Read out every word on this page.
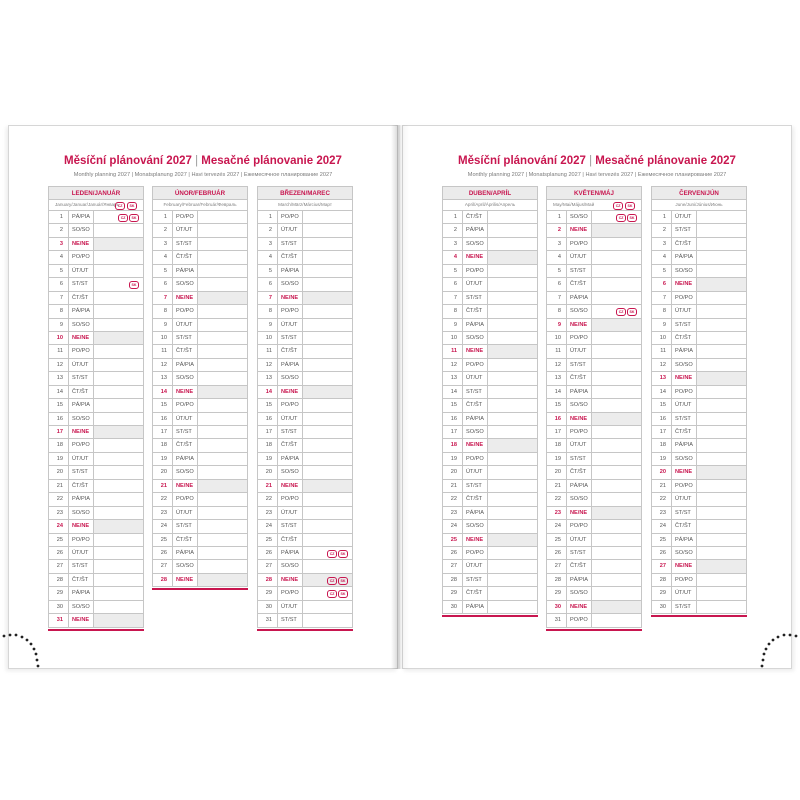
Měsíční plánování 2027 | Mesačné plánovanie 2027
Monthly planning 2027 | Monatsplanung 2027 | Havi tervezés 2027 | Ежемесячное планирование 2027
LEDEN/JANUÁR
January/Januar/Január/Январь
CZ	SK
1	PÁ/PIA	CZ	SK
2	SO/SO
3	NE/NE
4	PO/PO
5	ÚT/UT
6	ST/ST	SK
7	ČT/ŠT
8	PÁ/PIA
9	SO/SO
10	NE/NE
11	PO/PO
12	ÚT/UT
13	ST/ST
14	ČT/ŠT
15	PÁ/PIA
16	SO/SO
17	NE/NE
18	PO/PO
19	ÚT/UT
20	ST/ST
21	ČT/ŠT
22	PÁ/PIA
23	SO/SO
24	NE/NE
25	PO/PO
26	ÚT/UT
27	ST/ST
28	ČT/ŠT
29	PÁ/PIA
30	SO/SO
31	NE/NE
ÚNOR/FEBRUÁR
February/Februar/Február/Февраль
1	PO/PO
2	ÚT/UT
3	ST/ST
4	ČT/ŠT
5	PÁ/PIA
6	SO/SO
7	NE/NE
8	PO/PO
9	ÚT/UT
10	ST/ST
11	ČT/ŠT
12	PÁ/PIA
13	SO/SO
14	NE/NE
15	PO/PO
16	ÚT/UT
17	ST/ST
18	ČT/ŠT
19	PÁ/PIA
20	SO/SO
21	NE/NE
22	PO/PO
23	ÚT/UT
24	ST/ST
25	ČT/ŠT
26	PÁ/PIA
27	SO/SO
28	NE/NE
BŘEZEN/MAREC
March/März/Március/Март
1	PO/PO
2	ÚT/UT
3	ST/ST
4	ČT/ŠT
5	PÁ/PIA
6	SO/SO
7	NE/NE
8	PO/PO
9	ÚT/UT
10	ST/ST
11	ČT/ŠT
12	PÁ/PIA
13	SO/SO
14	NE/NE
15	PO/PO
16	ÚT/UT
17	ST/ST
18	ČT/ŠT
19	PÁ/PIA
20	SO/SO
21	NE/NE
22	PO/PO
23	ÚT/UT
24	ST/ST
25	ČT/ŠT
26	PÁ/PIA	CZ	SK
27	SO/SO
28	NE/NE	CZ	SK
29	PO/PO	CZ	SK
30	ÚT/UT
31	ST/ST
Měsíční plánování 2027 | Mesačné plánovanie 2027
Monthly planning 2027 | Monatsplanung 2027 | Havi tervezés 2027 | Ежемесячное планирование 2027
DUBEN/APRÍL
April/April/Április/Апрель
1	ČT/ŠT
2	PÁ/PIA
3	SO/SO
4	NE/NE
5	PO/PO
6	ÚT/UT
7	ST/ST
8	ČT/ŠT
9	PÁ/PIA
10	SO/SO
11	NE/NE
12	PO/PO
13	ÚT/UT
14	ST/ST
15	ČT/ŠT
16	PÁ/PIA
17	SO/SO
18	NE/NE
19	PO/PO
20	ÚT/UT
21	ST/ST
22	ČT/ŠT
23	PÁ/PIA
24	SO/SO
25	NE/NE
26	PO/PO
27	ÚT/UT
28	ST/ST
29	ČT/ŠT
30	PÁ/PIA
KVĚTEN/MÁJ
May/Mai/Május/Май	CZ	SK
1	SO/SO	CZ	SK
2	NE/NE
3	PO/PO
4	ÚT/UT
5	ST/ST
6	ČT/ŠT
7	PÁ/PIA
8	SO/SO	CZ	SK
9	NE/NE
10	PO/PO
11	ÚT/UT
12	ST/ST
13	ČT/ŠT
14	PÁ/PIA
15	SO/SO
16	NE/NE
17	PO/PO
18	ÚT/UT
19	ST/ST
20	ČT/ŠT
21	PÁ/PIA
22	SO/SO
23	NE/NE
24	PO/PO
25	ÚT/UT
26	ST/ST
27	ČT/ŠT
28	PÁ/PIA
29	SO/SO
30	NE/NE
31	PO/PO
ČERVEN/JÚN
June/Juni/Június/Июнь
1	ÚT/UT
2	ST/ST
3	ČT/ŠT
4	PÁ/PIA
5	SO/SO
6	NE/NE
7	PO/PO
8	ÚT/UT
9	ST/ST
10	ČT/ŠT
11	PÁ/PIA
12	SO/SO
13	NE/NE
14	PO/PO
15	ÚT/UT
16	ST/ST
17	ČT/ŠT
18	PÁ/PIA
19	SO/SO
20	NE/NE
21	PO/PO
22	ÚT/UT
23	ST/ST
24	ČT/ŠT
25	PÁ/PIA
26	SO/SO
27	NE/NE
28	PO/PO
29	ÚT/UT
30	ST/ST
